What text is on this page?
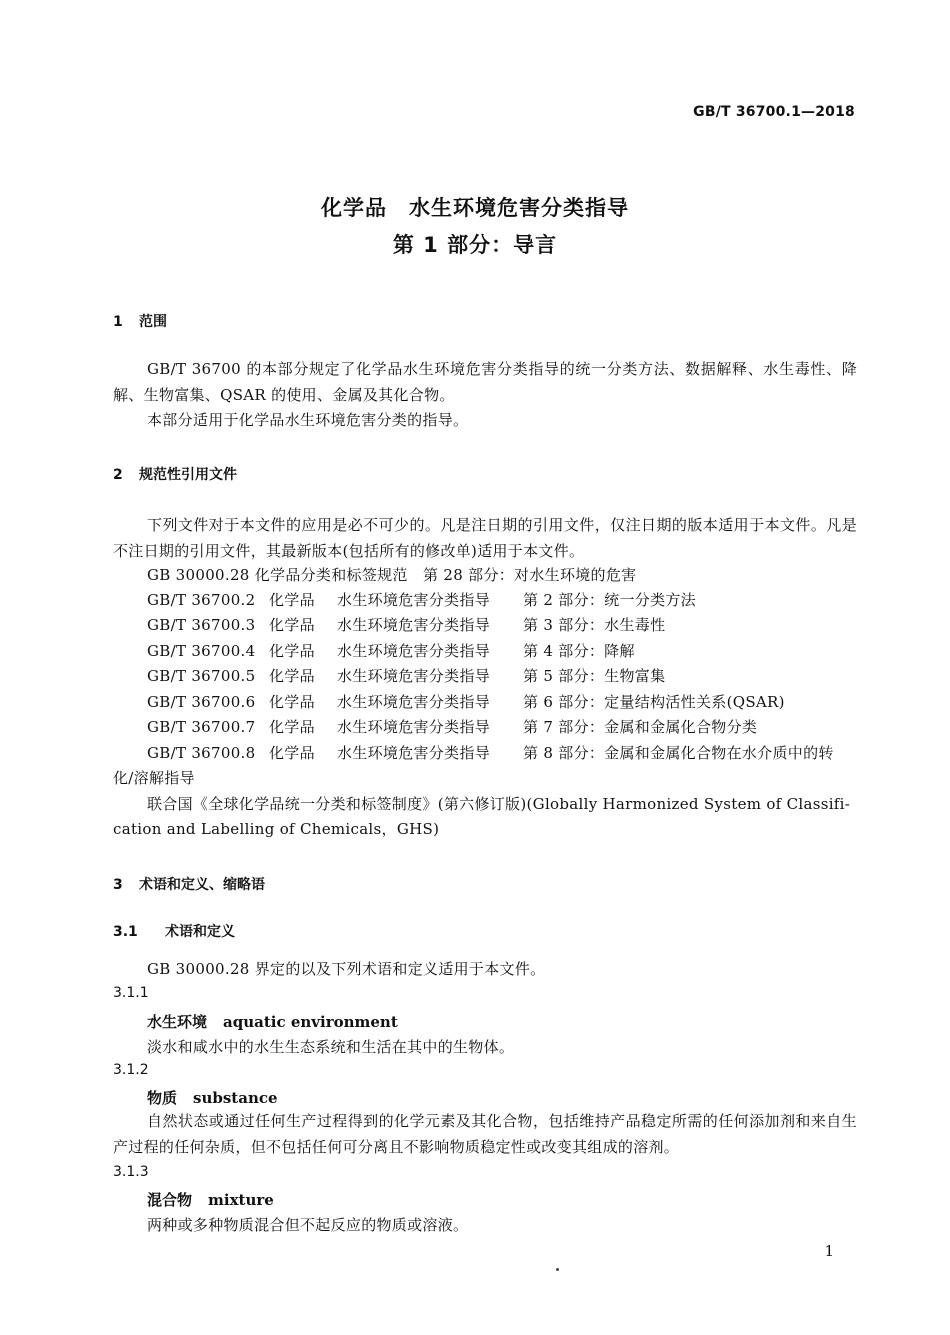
GB/T 36700.1—2018
化学品　水生环境危害分类指导
第 1 部分：导言
1 范围
GB/T 36700 的本部分规定了化学品水生环境危害分类指导的统一分类方法、数据解释、水生毒性、降解、生物富集、QSAR 的使用、金属及其化合物。
本部分适用于化学品水生环境危害分类的指导。
2 规范性引用文件
下列文件对于本文件的应用是必不可少的。凡是注日期的引用文件，仅注日期的版本适用于本文件。凡是不注日期的引用文件，其最新版本(包括所有的修改单)适用于本文件。
GB 30000.28 化学品分类和标签规范　第 28 部分：对水生环境的危害
GB/T 36700.2 化学品 水生环境危害分类指导 第 2 部分：统一分类方法
GB/T 36700.3 化学品 水生环境危害分类指导 第 3 部分：水生毒性
GB/T 36700.4 化学品 水生环境危害分类指导 第 4 部分：降解
GB/T 36700.5 化学品 水生环境危害分类指导 第 5 部分：生物富集
GB/T 36700.6 化学品 水生环境危害分类指导 第 6 部分：定量结构活性关系(QSAR)
GB/T 36700.7 化学品 水生环境危害分类指导 第 7 部分：金属和金属化合物分类
GB/T 36700.8 化学品 水生环境危害分类指导 第 8 部分：金属和金属化合物在水介质中的转
化/溶解指导
联合国《全球化学品统一分类和标签制度》(第六修订版)(Globally Harmonized System of Classifi-
cation and Labelling of Chemicals，GHS)
3 术语和定义、缩略语
3.1 术语和定义
GB 30000.28 界定的以及下列术语和定义适用于本文件。
3.1.1
水生环境 aquatic environment
淡水和咸水中的水生生态系统和生活在其中的生物体。
3.1.2
物质 substance
自然状态或通过任何生产过程得到的化学元素及其化合物，包括维持产品稳定所需的任何添加剂和来自生产过程的任何杂质，但不包括任何可分离且不影响物质稳定性或改变其组成的溶剂。
3.1.3
混合物 mixture
两种或多种物质混合但不起反应的物质或溶液。
1
